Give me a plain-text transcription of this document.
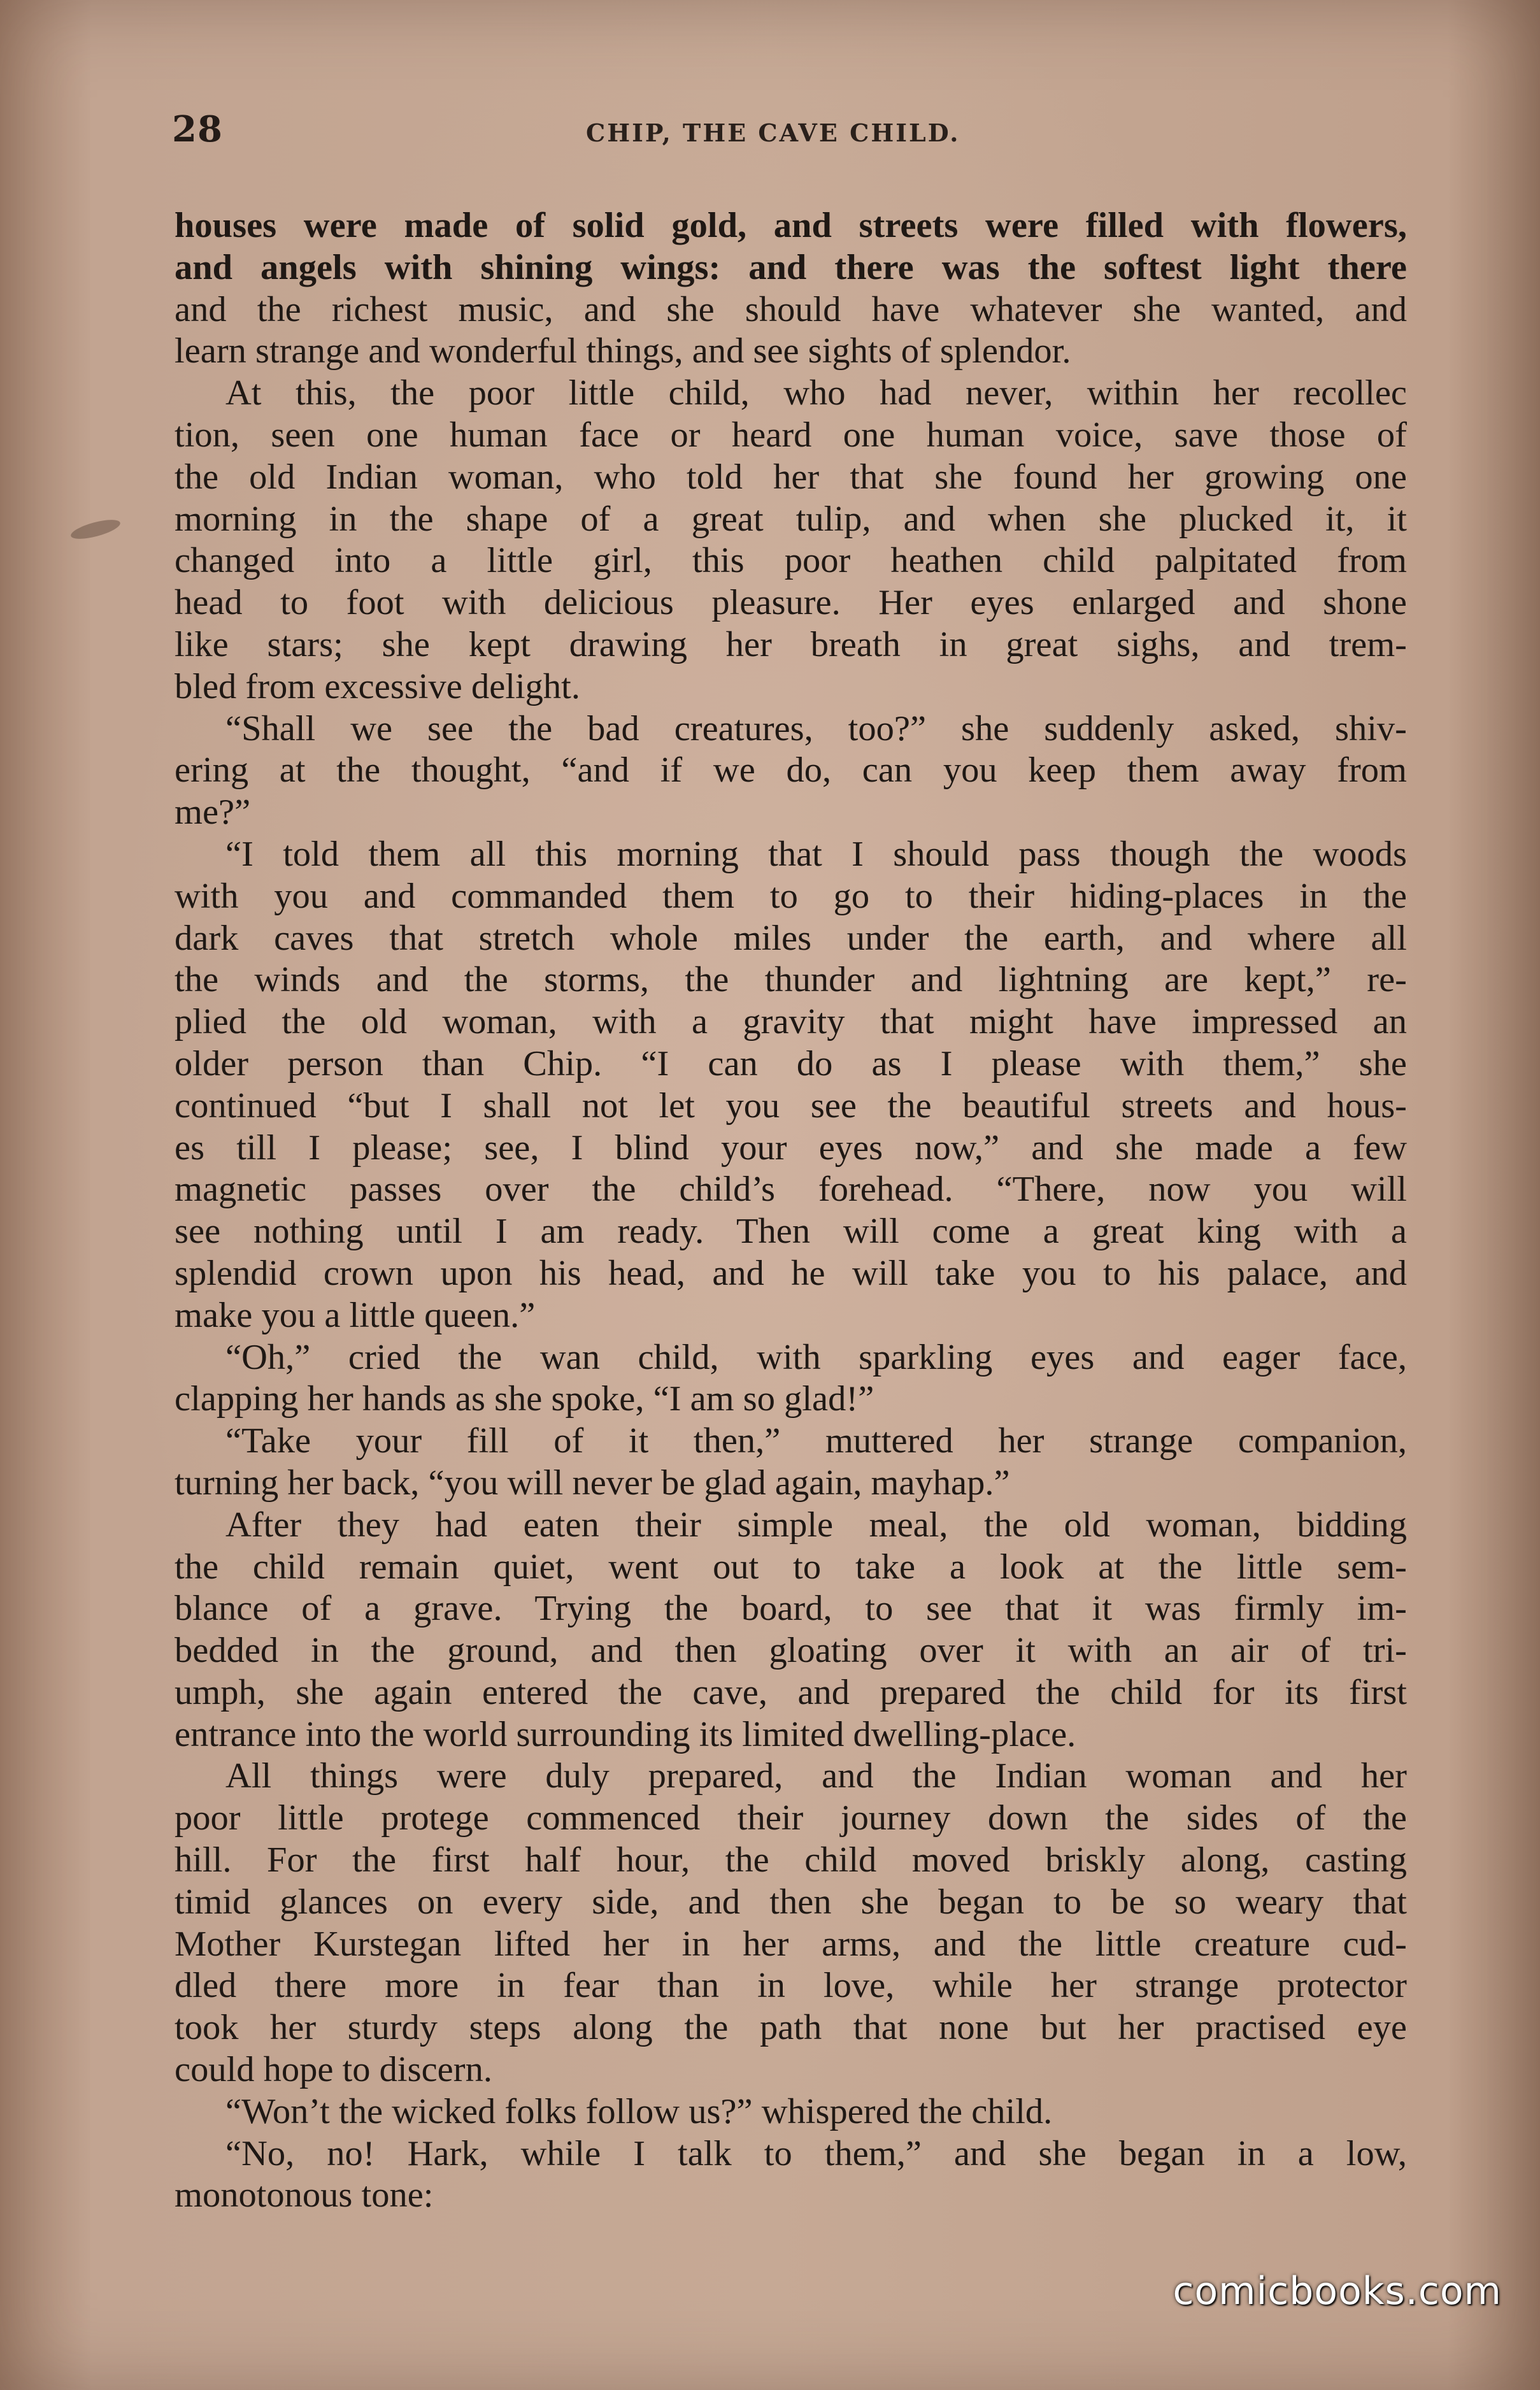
28	CHIP, THE CAVE CHILD.
houses were made of solid gold, and streets were filled with flowers,
and angels with shining wings: and there was the softest light there
and the richest music, and she should have whatever she wanted, and
learn strange and wonderful things, and see sights of splendor.
At this, the poor little child, who had never, within her recollec
tion, seen one human face or heard one human voice, save those of
the old Indian woman, who told her that she found her growing one
morning in the shape of a great tulip, and when she plucked it, it
changed into a little girl, this poor heathen child palpitated from
head to foot with delicious pleasure. Her eyes enlarged and shone
like stars; she kept drawing her breath in great sighs, and trem-
bled from excessive delight.
“Shall we see the bad creatures, too?” she suddenly asked, shiv-
ering at the thought, “and if we do, can you keep them away from
me?”
“I told them all this morning that I should pass though the woods
with you and commanded them to go to their hiding-places in the
dark caves that stretch whole miles under the earth, and where all
the winds and the storms, the thunder and lightning are kept,” re-
plied the old woman, with a gravity that might have impressed an
older person than Chip. “I can do as I please with them,” she
continued “but I shall not let you see the beautiful streets and hous-
es till I please; see, I blind your eyes now,” and she made a few
magnetic passes over the child’s forehead. “There, now you will
see nothing until I am ready. Then will come a great king with a
splendid crown upon his head, and he will take you to his palace, and
make you a little queen.”
“Oh,” cried the wan child, with sparkling eyes and eager face,
clapping her hands as she spoke, “I am so glad!”
“Take your fill of it then,” muttered her strange companion,
turning her back, “you will never be glad again, mayhap.”
After they had eaten their simple meal, the old woman, bidding
the child remain quiet, went out to take a look at the little sem-
blance of a grave. Trying the board, to see that it was firmly im-
bedded in the ground, and then gloating over it with an air of tri-
umph, she again entered the cave, and prepared the child for its first
entrance into the world surrounding its limited dwelling-place.
All things were duly prepared, and the Indian woman and her
poor little protege commenced their journey down the sides of the
hill. For the first half hour, the child moved briskly along, casting
timid glances on every side, and then she began to be so weary that
Mother Kurstegan lifted her in her arms, and the little creature cud-
dled there more in fear than in love, while her strange protector
took her sturdy steps along the path that none but her practised eye
could hope to discern.
“Won’t the wicked folks follow us?” whispered the child.
“No, no! Hark, while I talk to them,” and she began in a low,
monotonous tone:
comicbooks.com
